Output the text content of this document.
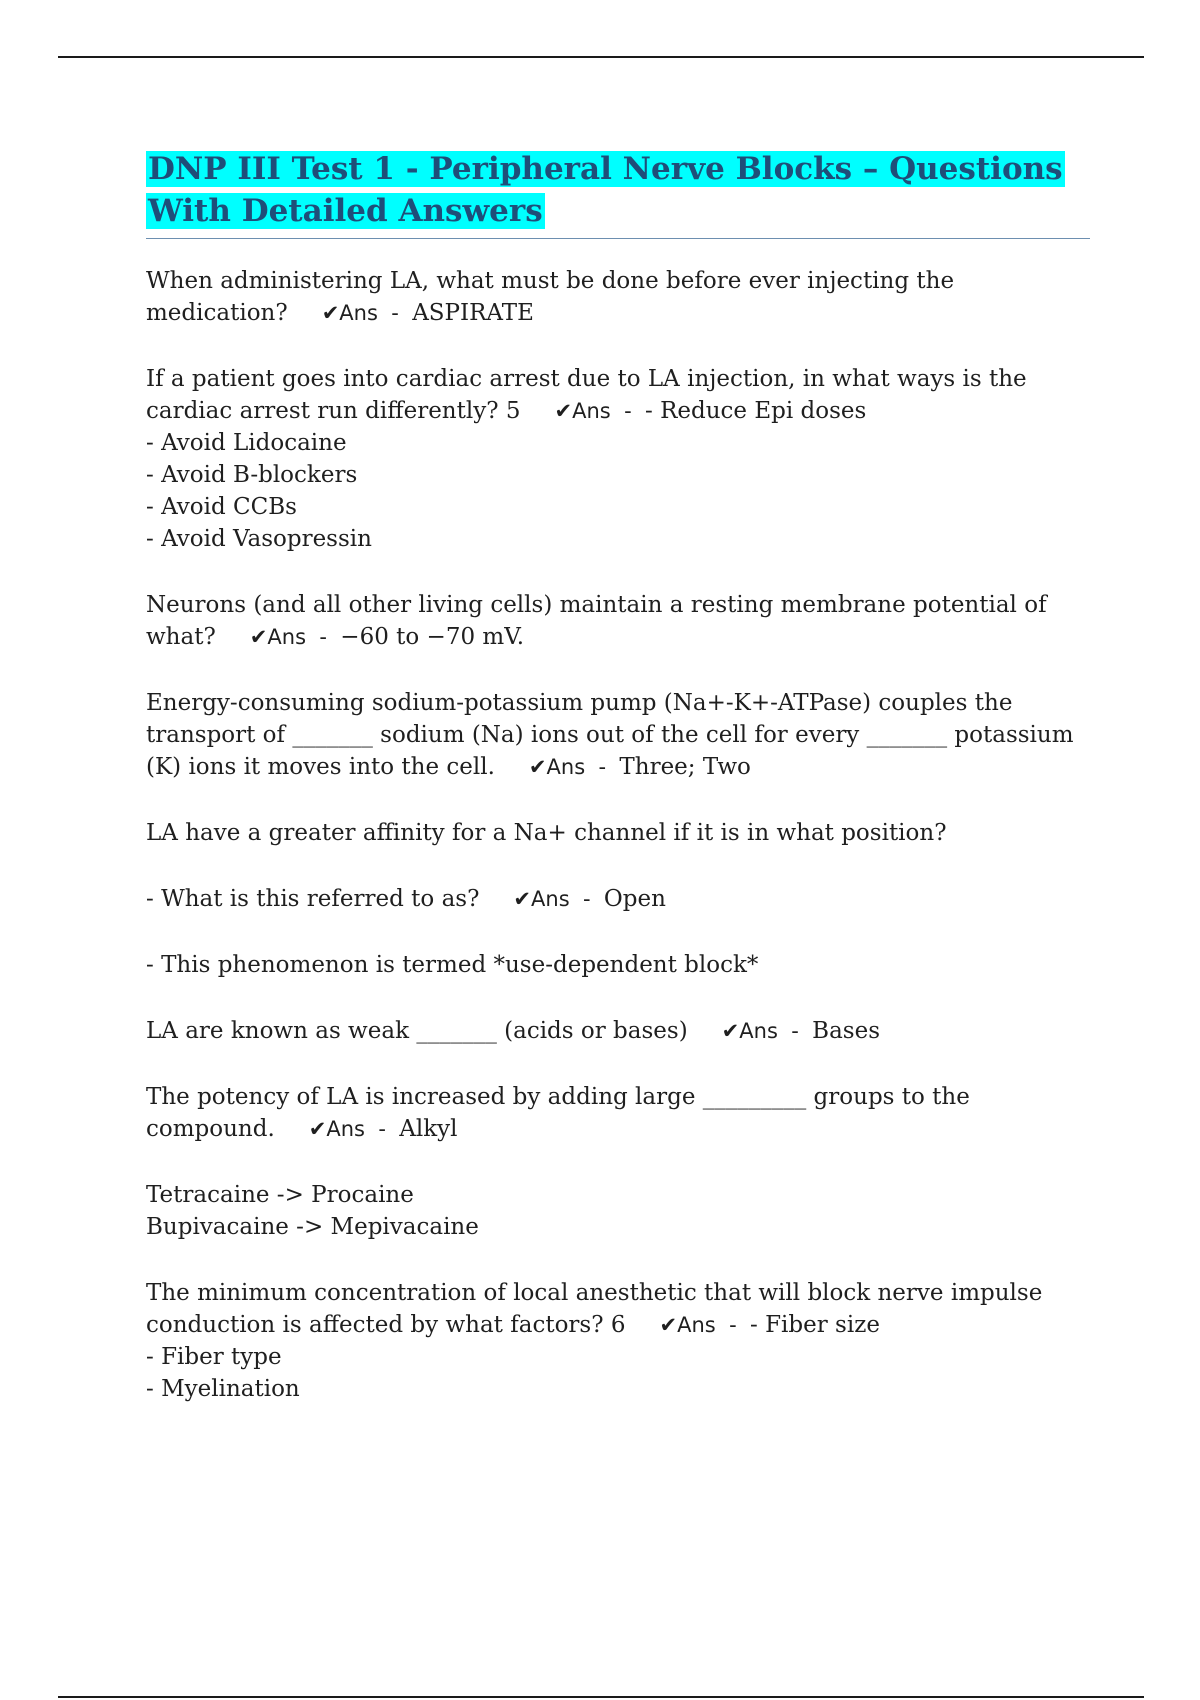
DNP III Test 1 - Peripheral Nerve Blocks – Questions
With Detailed Answers

When administering LA, what must be done before ever injecting the medication? ✔Ans  -  ASPIRATE

If a patient goes into cardiac arrest due to LA injection, in what ways is the cardiac arrest run differently? 5 ✔Ans  -  - Reduce Epi doses
- Avoid Lidocaine
- Avoid B-blockers
- Avoid CCBs
- Avoid Vasopressin

Neurons (and all other living cells) maintain a resting membrane potential of what? ✔Ans  -  −60 to −70 mV.

Energy-consuming sodium-potassium pump (Na+-K+-ATPase) couples the transport of _______ sodium (Na) ions out of the cell for every _______ potassium (K) ions it moves into the cell. ✔Ans  -  Three; Two

LA have a greater affinity for a Na+ channel if it is in what position?

- What is this referred to as? ✔Ans  -  Open

- This phenomenon is termed *use-dependent block*

LA are known as weak _______ (acids or bases) ✔Ans  -  Bases

The potency of LA is increased by adding large _________ groups to the compound. ✔Ans  -  Alkyl

Tetracaine -> Procaine
Bupivacaine -> Mepivacaine

The minimum concentration of local anesthetic that will block nerve impulse conduction is affected by what factors? 6 ✔Ans  -  - Fiber size
- Fiber type
- Myelination
